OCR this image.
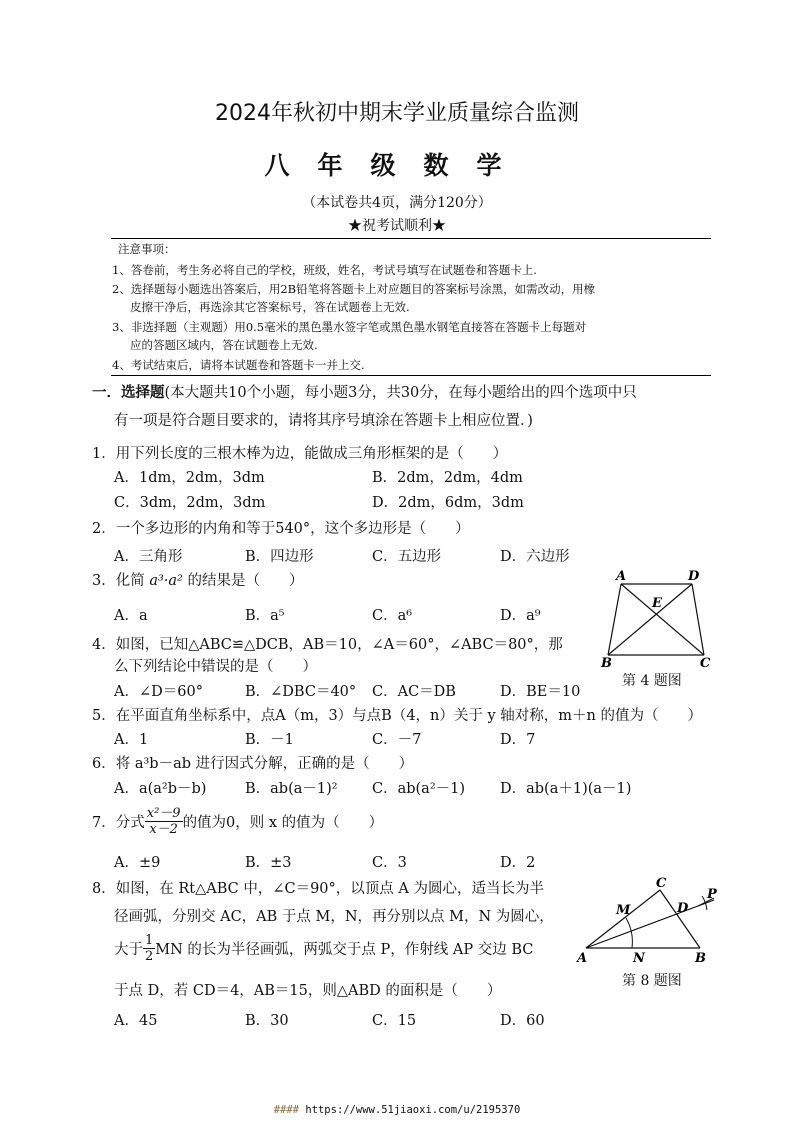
2024年秋初中期末学业质量综合监测
八年级数学
（本试卷共4页，满分120分）
★祝考试顺利★
注意事项：
1、答卷前，考生务必将自己的学校，班级，姓名，考试号填写在试题卷和答题卡上.
2、选择题每小题选出答案后，用2B铅笔将答题卡上对应题目的答案标号涂黑，如需改动，用橡
皮擦干净后，再选涂其它答案标号，答在试题卷上无效.
3、非选择题（主观题）用0.5毫米的黑色墨水签字笔或黑色墨水钢笔直接答在答题卡上每题对
应的答题区域内，答在试题卷上无效.
4、考试结束后，请将本试题卷和答题卡一并上交.
一．选择题(本大题共10个小题，每小题3分，共30分，在每小题给出的四个选项中只
有一项是符合题目要求的，请将其序号填涂在答题卡上相应位置．)
1．用下列长度的三根木棒为边，能做成三角形框架的是（　　）
A．1dm，2dm，3dm	B．2dm，2dm，4dm
C．3dm，2dm，3dm	D．2dm，6dm，3dm
2．一个多边形的内角和等于540°，这个多边形是（　　）
A．三角形	B．四边形	C．五边形	D．六边形
3．化简 a³·a² 的结果是（　　）
A．a	B．a⁵	C．a⁶	D．a⁹
A	D
E
B	C
第 4 题图
4．如图，已知△ABC≌△DCB，AB＝10，∠A＝60°，∠ABC＝80°，那
么下列结论中错误的是（　　）
A．∠D＝60°	B．∠DBC＝40° C．AC＝DB	D．BE＝10
5．在平面直角坐标系中，点A（m，3）与点B（4，n）关于 y 轴对称，m＋n 的值为（　　）
A．1	B．－1	C．－7	D．7
6．将 a³b－ab 进行因式分解，正确的是（　　）
A．a(a²b－b)	B．ab(a－1)² C．ab(a²－1) D．ab(a＋1)(a－1)
7．分式 $\frac{\text{x²－9}}{x-2}$ 的值为0，则 x 的值为（　　）
A．±9	B．±3	C．3	D．2
8．如图，在 Rt△ABC 中，∠C＝90°，以顶点 A 为圆心，适当长为半
径画弧，分别交 AC，AB 于点 M，N，再分别以点 M，N 为圆心，
大于 $\frac{1}{2}$ MN 的长为半径画弧，两弧交于点 P，作射线 AP 交边 BC
于点 D，若 CD＝4，AB＝15，则△ABD 的面积是（　　）
A．45	B．30	C．15	D．60
C
M	D
P
A	N	B
第 8 题图
#### https://www.51jiaoxi.com/u/2195370
